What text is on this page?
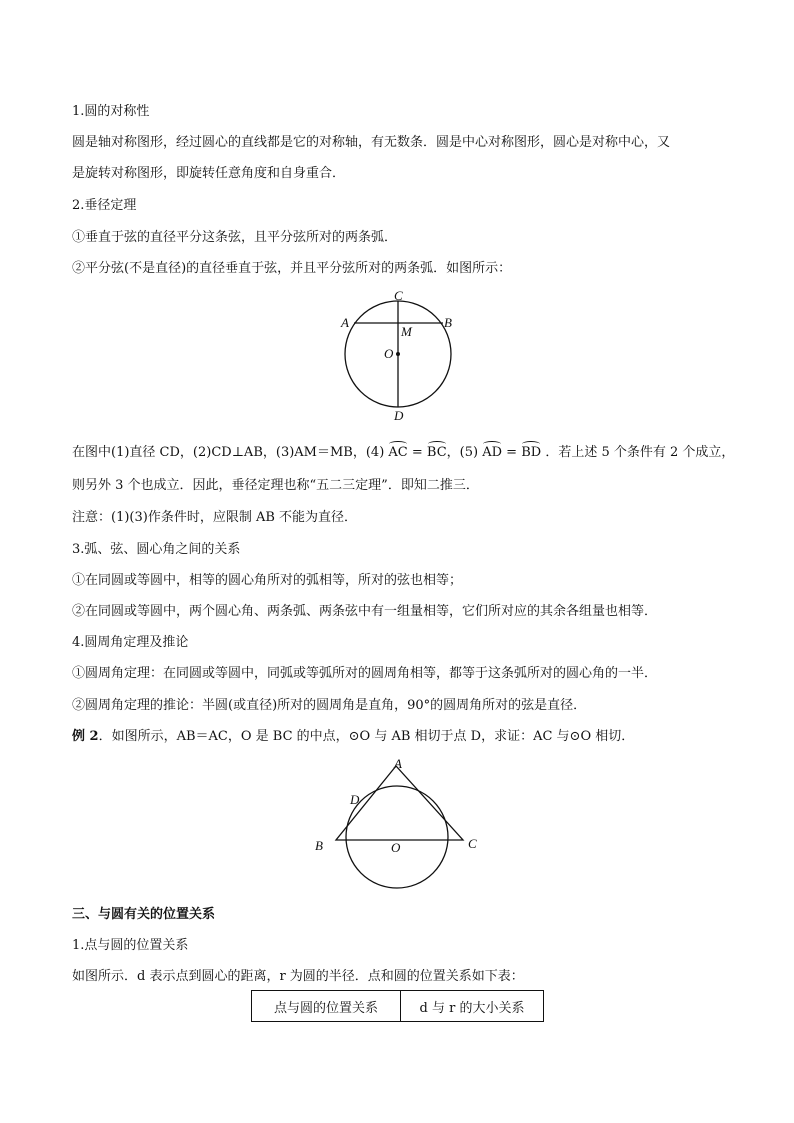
1.圆的对称性
圆是轴对称图形，经过圆心的直线都是它的对称轴，有无数条．圆是中心对称图形，圆心是对称中心，又
是旋转对称图形，即旋转任意角度和自身重合．
2.垂径定理
①垂直于弦的直径平分这条弦，且平分弦所对的两条弧．
②平分弦(不是直径)的直径垂直于弦，并且平分弦所对的两条弧．如图所示：
C
A	B
M
O
D
在图中(1)直径 CD，(2)CD⊥AB，(3)AM＝MB，(4) AC = BC，(5) AD = BD ．若上述 5 个条件有 2 个成立，
则另外 3 个也成立．因此，垂径定理也称“五二三定理”．即知二推三．
注意：(1)(3)作条件时，应限制 AB 不能为直径．
3.弧、弦、圆心角之间的关系
①在同圆或等圆中，相等的圆心角所对的弧相等，所对的弦也相等；
②在同圆或等圆中，两个圆心角、两条弧、两条弦中有一组量相等，它们所对应的其余各组量也相等．
4.圆周角定理及推论
①圆周角定理：在同圆或等圆中，同弧或等弧所对的圆周角相等，都等于这条弧所对的圆心角的一半．
②圆周角定理的推论：半圆(或直径)所对的圆周角是直角，90°的圆周角所对的弦是直径．
例 2．如图所示，AB＝AC，O 是 BC 的中点，⊙O 与 AB 相切于点 D，求证：AC 与⊙O 相切．
A
D
B	O	C
三、与圆有关的位置关系
1.点与圆的位置关系
如图所示．d 表示点到圆心的距离，r 为圆的半径．点和圆的位置关系如下表：
点与圆的位置关系	d 与 r 的大小关系
